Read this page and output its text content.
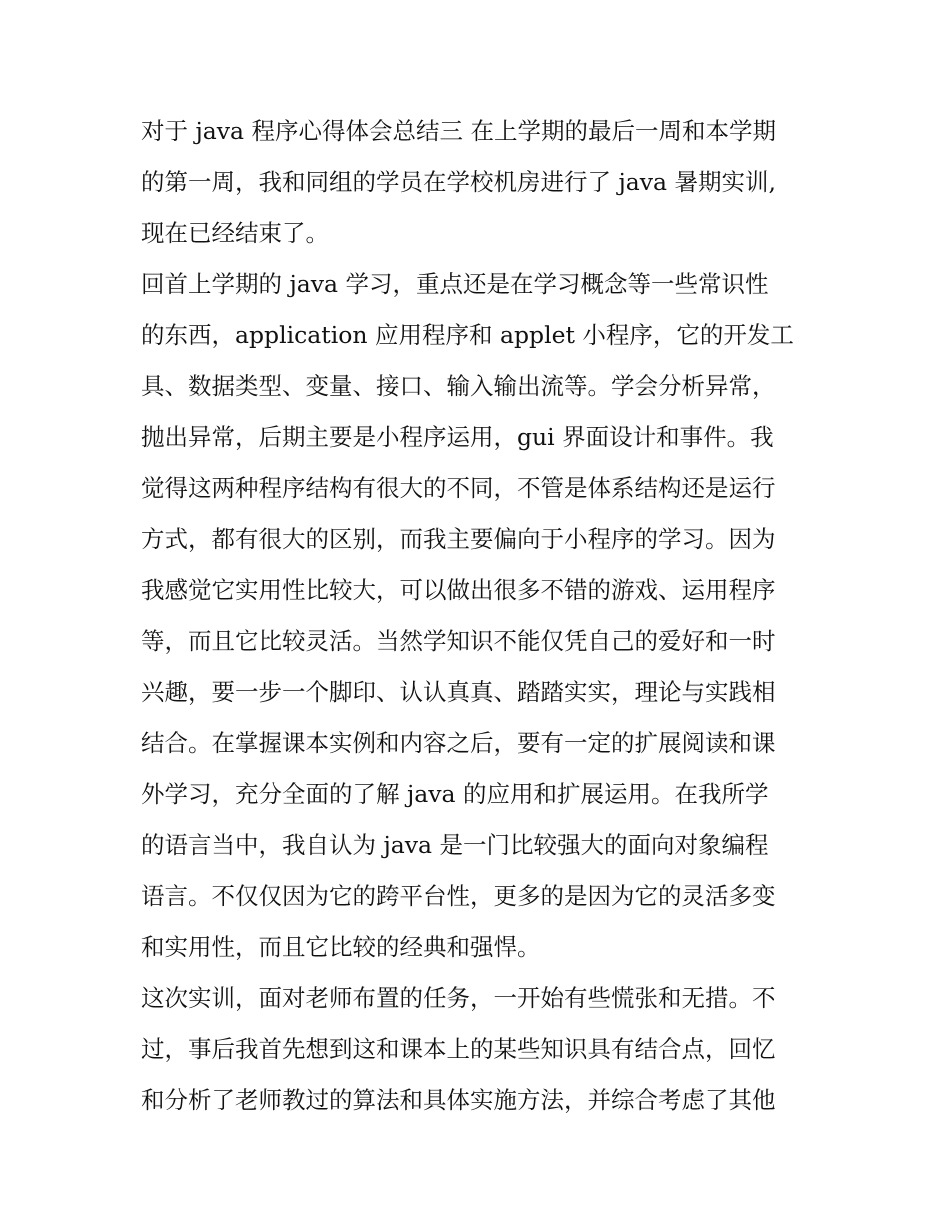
对于 java 程序心得体会总结三 在上学期的最后一周和本学期
的第一周，我和同组的学员在学校机房进行了 java 暑期实训,
现在已经结束了。

回首上学期的 java 学习，重点还是在学习概念等一些常识性
的东西，application 应用程序和 applet 小程序，它的开发工
具、数据类型、变量、接口、输入输出流等。学会分析异常，
抛出异常，后期主要是小程序运用，gui 界面设计和事件。我
觉得这两种程序结构有很大的不同，不管是体系结构还是运行
方式，都有很大的区别，而我主要偏向于小程序的学习。因为
我感觉它实用性比较大，可以做出很多不错的游戏、运用程序
等，而且它比较灵活。当然学知识不能仅凭自己的爱好和一时
兴趣，要一步一个脚印、认认真真、踏踏实实，理论与实践相
结合。在掌握课本实例和内容之后，要有一定的扩展阅读和课
外学习，充分全面的了解 java 的应用和扩展运用。在我所学
的语言当中，我自认为 java 是一门比较强大的面向对象编程
语言。不仅仅因为它的跨平台性，更多的是因为它的灵活多变
和实用性，而且它比较的经典和强悍。

这次实训，面对老师布置的任务，一开始有些慌张和无措。不
过，事后我首先想到这和课本上的某些知识具有结合点，回忆
和分析了老师教过的算法和具体实施方法，并综合考虑了其他
